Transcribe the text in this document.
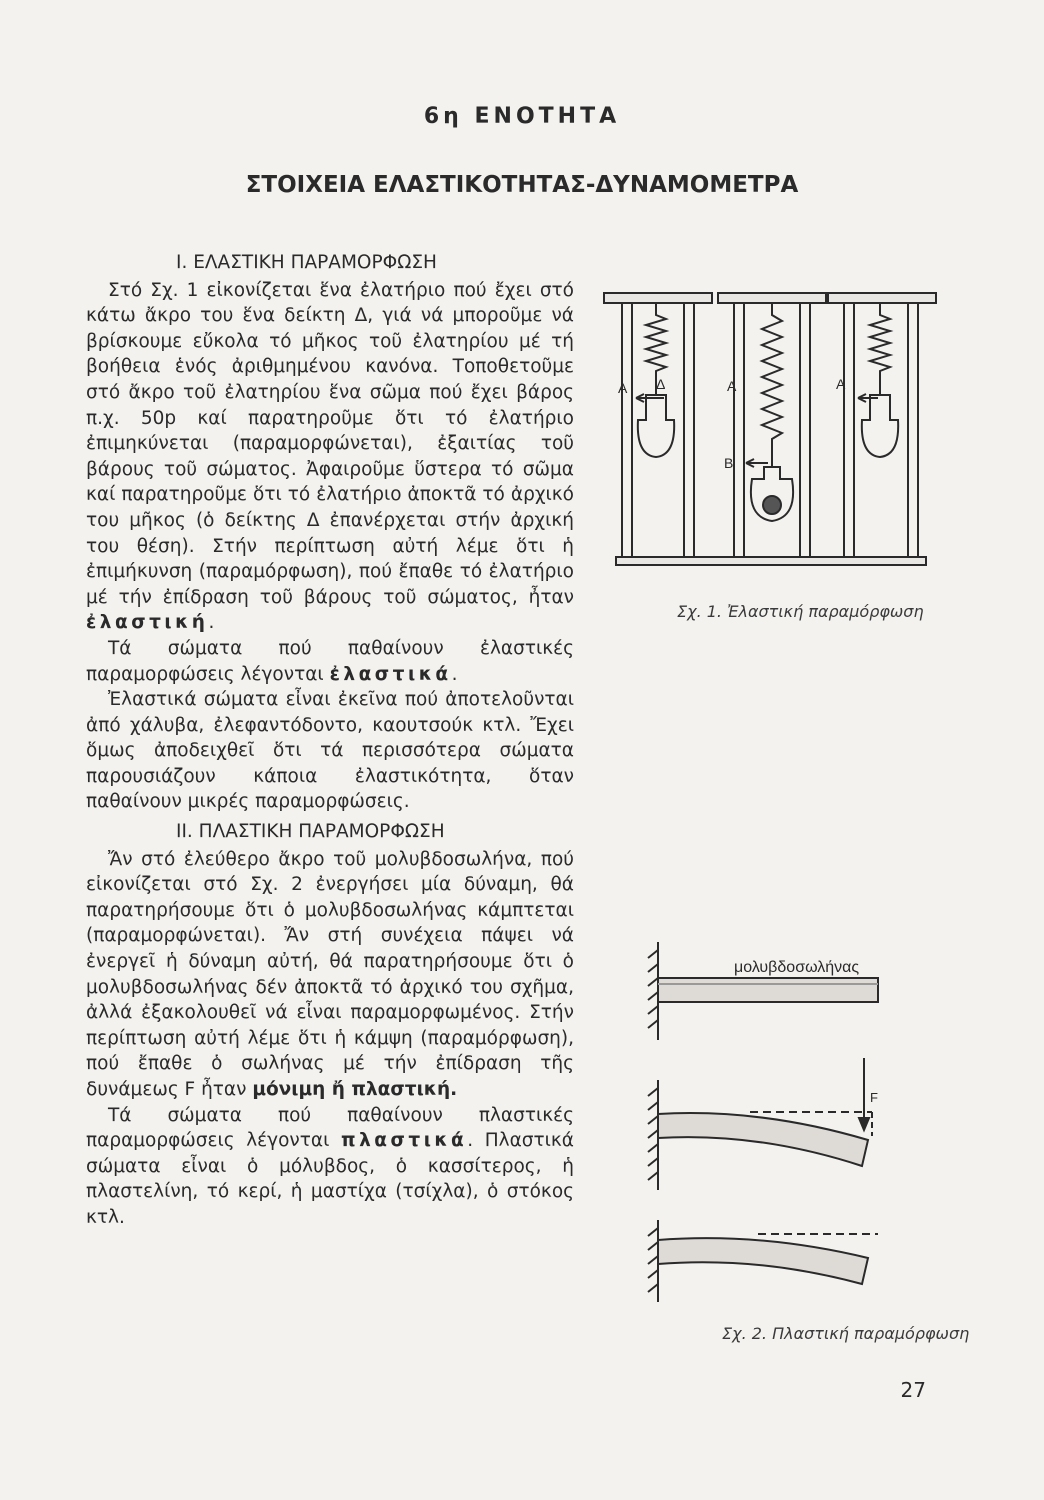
6η ΕΝΟΤΗΤΑ
ΣΤΟΙΧΕΙΑ ΕΛΑΣΤΙΚΟΤΗΤΑΣ-ΔΥΝΑΜΟΜΕΤΡΑ

Ι. ΕΛΑΣΤΙΚΗ ΠΑΡΑΜΟΡΦΩΣΗ

Στό Σχ. 1 εἰκονίζεται ἕνα ἐλατήριο πού ἔχει στό κάτω ἄκρο του ἕνα δείκτη Δ, γιά νά μποροῦμε νά βρίσκουμε εὔκολα τό μῆκος τοῦ ἐλατηρίου μέ τή βοήθεια ἑνός ἀριθμημένου κανόνα. Τοποθετοῦμε στό ἄκρο τοῦ ἐλατηρίου ἕνα σῶμα πού ἔχει βάρος π.χ. 50p καί παρατηροῦμε ὅτι τό ἐλατήριο ἐπιμηκύνεται (παραμορφώνεται), ἐξαιτίας τοῦ βάρους τοῦ σώματος. Ἀφαιροῦμε ὕστερα τό σῶμα καί παρατηροῦμε ὅτι τό ἐλατήριο ἀποκτᾶ τό ἀρχικό του μῆκος (ὁ δείκτης Δ ἐπανέρχεται στήν ἀρχική του θέση). Στήν περίπτωση αὐτή λέμε ὅτι ἡ ἐπιμήκυνση (παραμόρφωση), πού ἔπαθε τό ἐλατήριο μέ τήν ἐπίδραση τοῦ βάρους τοῦ σώματος, ἦταν ἐλαστική.

Τά σώματα πού παθαίνουν ἐλαστικές παραμορφώσεις λέγονται ἐλαστικά.

Ἐλαστικά σώματα εἶναι ἐκεῖνα πού ἀποτελοῦνται ἀπό χάλυβα, ἐλεφαντόδοντο, καουτσούκ κτλ. Ἔχει ὅμως ἀποδειχθεῖ ὅτι τά περισσότερα σώματα παρουσιάζουν κάποια ἐλαστικότητα, ὅταν παθαίνουν μικρές παραμορφώσεις.

ΙΙ. ΠΛΑΣΤΙΚΗ ΠΑΡΑΜΟΡΦΩΣΗ

Ἄν στό ἐλεύθερο ἄκρο τοῦ μολυβδοσωλήνα, πού εἰκονίζεται στό Σχ. 2 ἐνεργήσει μία δύναμη, θά παρατηρήσουμε ὅτι ὁ μολυβδοσωλήνας κάμπτεται (παραμορφώνεται). Ἄν στή συνέχεια πάψει νά ἐνεργεῖ ἡ δύναμη αὐτή, θά παρατηρήσουμε ὅτι ὁ μολυβδοσωλήνας δέν ἀποκτᾶ τό ἀρχικό του σχῆμα, ἀλλά ἐξακολουθεῖ νά εἶναι παραμορφωμένος. Στήν περίπτωση αὐτή λέμε ὅτι ἡ κάμψη (παραμόρφωση), πού ἔπαθε ὁ σωλήνας μέ τήν ἐπίδραση τῆς δυνάμεως F ἦταν μόνιμη ἤ πλαστική.

Τά σώματα πού παθαίνουν πλαστικές παραμορφώσεις λέγονται πλαστικά. Πλαστικά σώματα εἶναι ὁ μόλυβδος, ὁ κασσίτερος, ἡ πλαστελίνη, τό κερί, ἡ μαστίχα (τσίχλα), ὁ στόκος κτλ.

Α Δ	Α
Β
Α
Σχ. 1. Ἐλαστική παραμόρφωση
μολυβδοσωλήνας
F
Σχ. 2. Πλαστική παραμόρφωση
27
